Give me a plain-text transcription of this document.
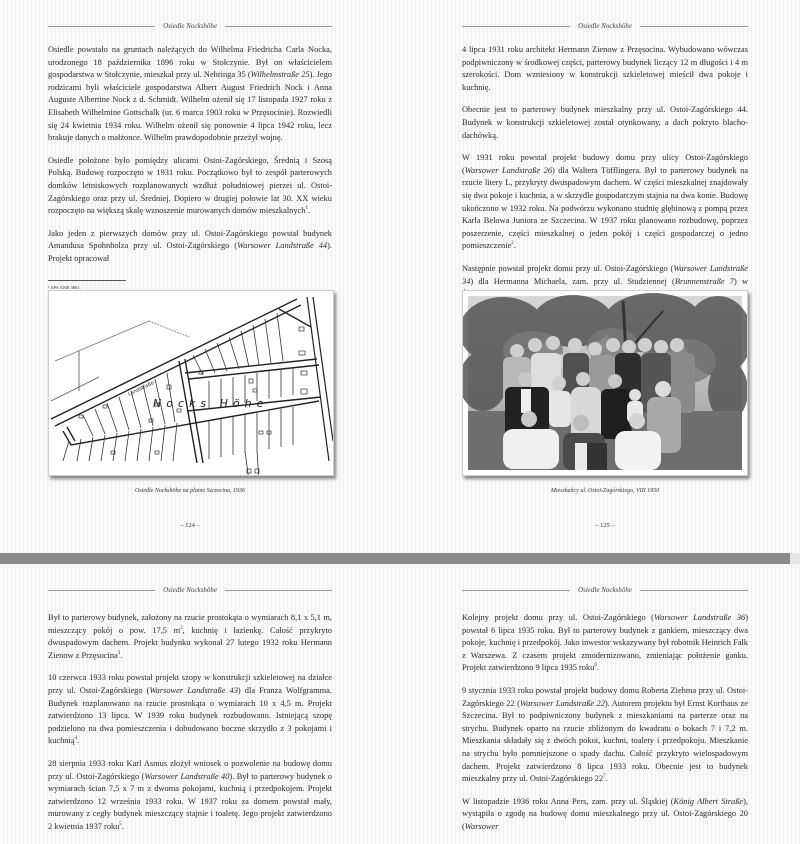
Osiedle Nockshöhe

Osiedle powstało na gruntach należących do Wilhelma Friedricha Carla Nocka, urodzonego 18 października 1896 roku w Stołczynie. Był on właścicielem gospodarstwa w Stołczynie, mieszkał przy ul. Nehringa 35 (Wilhelmstraße 25). Jego rodzicami byli właściciele gospodarstwa Albert August Friedrich Nock i Anna Auguste Albertine Nock z d. Schmidt. Wilhelm ożenił się 17 listopada 1927 roku z Elisabeth Wilhelmine Gottschalk (ur. 6 marca 1903 roku w Przęsocinie). Rozwiedli się 24 kwietnia 1934 roku. Wilhelm ożenił się ponownie 4 lipca 1942 roku, lecz brakuje danych o małżonce. Wilhelm prawdopodobnie przeżył wojnę.

Osiedle położone było pomiędzy ulicami Ostoi-Zagórskiego, Średnią i Szosą Polską. Budowę rozpoczęto w 1931 roku. Początkowo był to zespół parterowych domków letniskowych rozplanowanych wzdłuż południowej pierzei ul. Ostoi-Zagórskiego oraz przy ul. Średniej. Dopiero w drugiej połowie lat 30. XX wieku rozpoczęto na większą skalę wznoszenie murowanych domów mieszkalnych$^1$.

Jako jeden z pierwszych domów przy ul. Ostoi-Zagórskiego powstał budynek Amandusa Spohnholza przy ul. Ostoi-Zagórskiego (Warsower Landstraße 44). Projekt opracował

¹ APS ANB 3861.
Nocks Höhe
Landstraße
Osiedle Nockshöhe na planie Szczecina, 1936
– 124 –
Osiedle Nockshöhe

4 lipca 1931 roku architekt Hermann Zienow z Przęsocina. Wybudowano wówczas podpiwniczony w środkowej części, parterowy budynek liczący 12 m długości i 4 m szerokości. Dom wzniesiony w konstrukcji szkieletowej mieścił dwa pokoje i kuchnię.

Obecnie jest to parterowy budynek mieszkalny przy ul. Ostoi-Zagórskiego 44. Budynek w konstrukcji szkieletowej został otynkowany, a dach pokryto blacho-dachówką.

W 1931 roku powstał projekt budowy domu przy ulicy Ostoi-Zagórskiego (Warsower Landstraße 26) dla Waltera Töfflingera. Był to parterowy budynek na rzucie litery L, przykryty dwuspadowym dachem. W części mieszkalnej znajdowały się dwa pokoje i kuchnia, a w skrzydle gospodarczym stajnia na dwa konie. Budowę ukończono w 1932 roku. Na podwórzu wykonano studnię głębinową z pompą przez Karla Belowa Juniora ze Szczecina. W 1937 roku planowano rozbudowę, poprzez poszerzenie, części mieszkalnej o jeden pokój i części gospodarczej o jedno pomieszczenie$^2$.

Następnie powstał projekt domu przy ul. Ostoi-Zagórskiego (Warsower Landstraße 34) dla Hermanna Michaela, zam. przy ul. Studziennej (Brunnenstraße 7) w

Mieszkańcy ul. Ostoi-Zagórskiego, VIII 1950
– 125 –
Osiedle Nockshöhe

Był to parterowy budynek, założony na rzucie prostokąta o wymiarach 8,1 x 5,1 m, mieszczący pokój o pow. 17,5 $m^2$, kuchnię i łazienkę. Całość przykryto dwuspadowym dachem. Projekt budynku wykonał 27 lutego 1932 roku Hermann Zienow z Przęsocina$^3$.

10 czerwca 1933 roku powstał projekt szopy w konstrukcji szkieletowej na działce przy ul. Ostoi-Zagórskiego (Warsower Landstraße 43) dla Franza Wolfgramma. Budynek rozplanowano na rzucie prostokąta o wymiarach 10 x 4,5 m. Projekt zatwierdzono 13 lipca. W 1939 roku budynek rozbudowano. Istniejącą szopę podzielono na dwa pomieszczenia i dobudowano boczne skrzydło z 3 pokojami i kuchnią$^4$.

28 sierpnia 1933 roku Karl Asmus złożył wniosek o pozwolenie na budowę domu przy ul. Ostoi-Zagórskiego (Warsower Landstraße 40). Był to parterowy budynek o wymiarach ścian 7,5 x 7 m z dwoma pokojami, kuchnią i przedpokojem. Projekt zatwierdzono 12 września 1933 roku. W 1937 roku za domem powstał mały, murowany z cegły budynek mieszczący stajnie i toaletę. Jego projekt zatwierdzono 2 kwietnia 1937 roku$^5$.

Osiedle Nockshöhe

Kolejny projekt domu przy ul. Ostoi-Zagórskiego (Warsower Landstraße 36) powstał 6 lipca 1935 roku. Był to parterowy budynek z gankiem, mieszczący dwa pokoje, kuchnię i przedpokój. Jako inwestor wskazywany był robotnik Heinrich Falk z Warszewa. Z czasem projekt zmodernizowano, zmieniając położenie ganku. Projekt zatwierdzono 9 lipca 1935 roku$^6$.

9 stycznia 1933 roku powstał projekt budowy domu Roberta Ziehma przy ul. Ostoi-Zagórskiego 22 (Warsower Landstraße 22). Autorem projektu był Ernst Korthaus ze Szczecina. Był to podpiwniczony budynek z mieszkaniami na parterze oraz na strychu. Budynek oparto na rzucie zbliżonym do kwadratu o bokach 7 i 7,2 m. Mieszkania składały się z dwóch pokoi, kuchni, toalety i przedpokoju. Mieszkanie na strychu było pomniejszone o spady dachu. Całość przykryto wielospadowym dachem. Projekt zatwierdzono 8 lipca 1933 roku. Obecnie jest to budynek mieszkalny przy ul. Ostoi-Zagórskiego $22^7$.

W listopadzie 1936 roku Anna Pers, zam. przy ul. Śląskiej (König Albert Straße), wystąpiła o zgodę na budowę domu mieszkalnego przy ul. Ostoi-Zagórskiego 20 (Warsower
